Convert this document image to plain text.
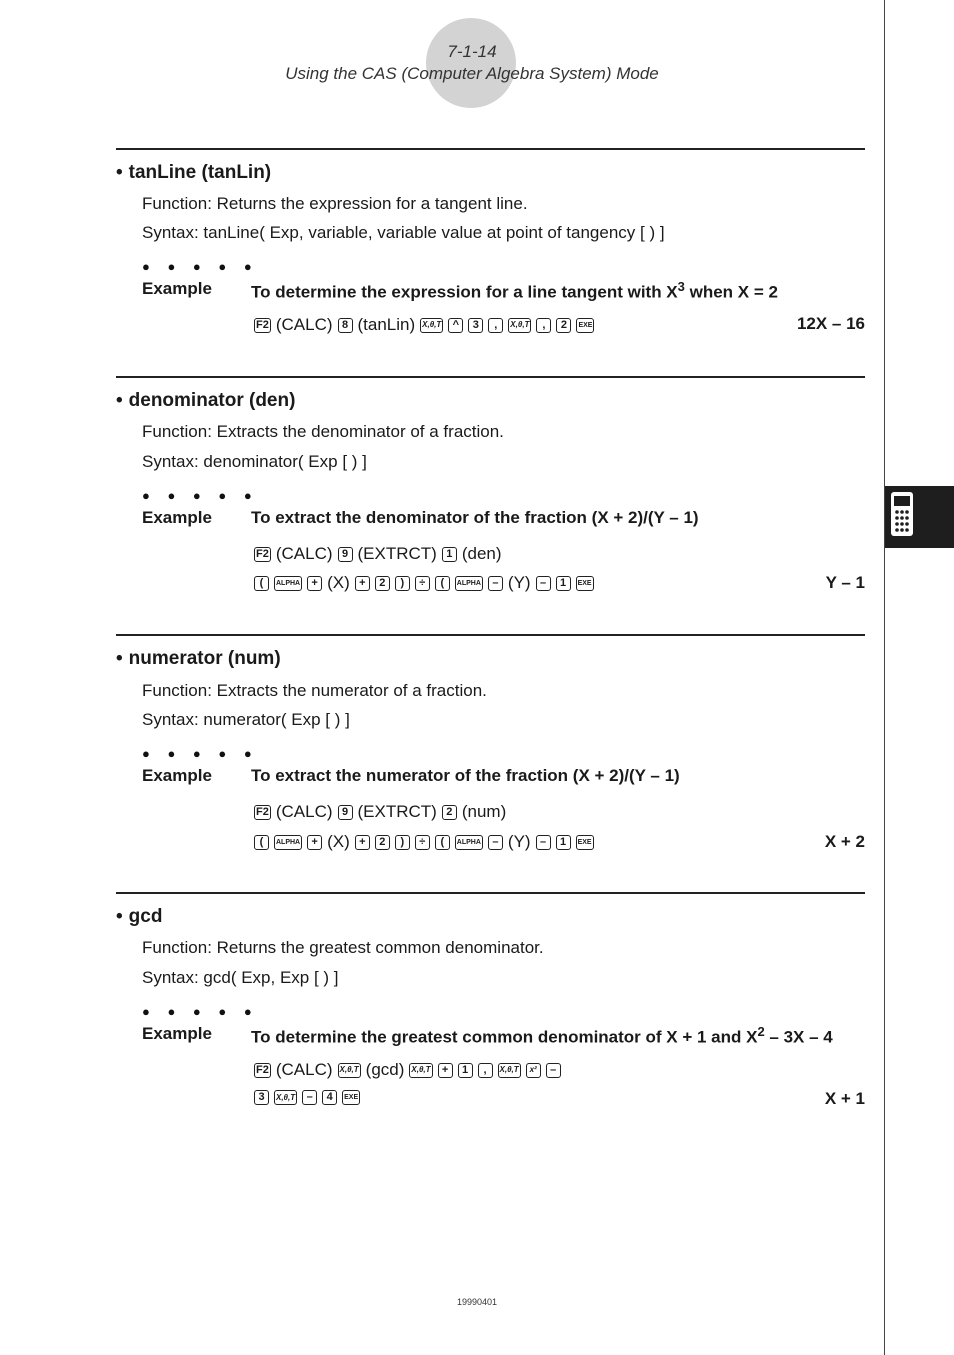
7-1-14
Using the CAS (Computer Algebra System) Mode
• tanLine (tanLin)
Function: Returns the expression for a tangent line.
Syntax: tanLine( Exp, variable, variable value at point of tangency [ ) ]
● ● ● ● ●
Example To determine the expression for a line tangent with $X^3$ when X = 2
F2 (CALC) 8 (tanLin) X,θ,T	^	3	,	X,θ,T	,	2	EXE	12X – 16
• denominator (den)
Function: Extracts the denominator of a fraction.
Syntax: denominator( Exp [ ) ]
● ● ● ● ●
Example To extract the denominator of the fraction (X + 2)/(Y – 1)
F2 (CALC) 9 (EXTRCT) 1 (den)
(	ALPHA	+ (X) +	2	)	÷	(	ALPHA	– (Y) –	1	EXE	Y – 1
• numerator (num)
Function: Extracts the numerator of a fraction.
Syntax: numerator( Exp [ ) ]
● ● ● ● ●
Example To extract the numerator of the fraction (X + 2)/(Y – 1)
F2 (CALC) 9 (EXTRCT) 2 (num)
(	ALPHA	+ (X) +	2	)	÷	(	ALPHA	– (Y) –	1	EXE	X + 2
• gcd
Function: Returns the greatest common denominator.
Syntax: gcd( Exp, Exp [ ) ]
● ● ● ● ●
Example To determine the greatest common denominator of X + 1 and $X^2 - 3X - 4$
F2 (CALC) X,θ,T (gcd) X,θ,T	+	1	,	X,θ,T	x²	–
3	X,θ,T	–	4	EXE	X + 1
19990401
